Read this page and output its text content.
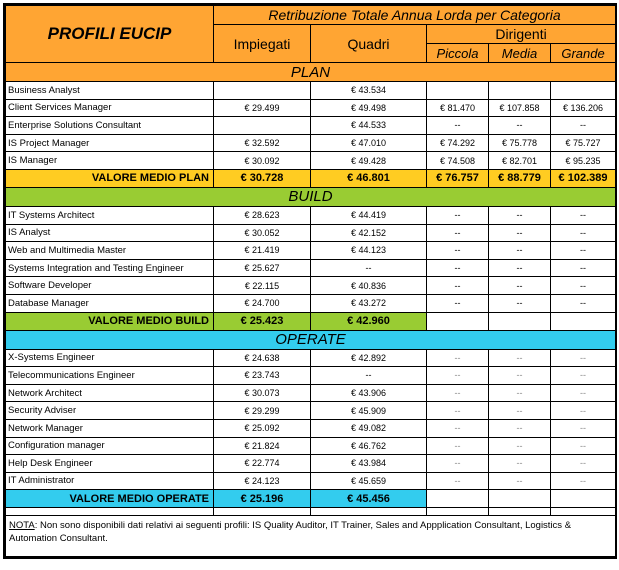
PROFILI EUCIP	Retribuzione Totale Annua Lorda per Categoria				
	Impiegati	Quadri	Dirigenti		
			Piccola	Media	Grande
PLAN					
Business Analyst		€ 43.534			
Client Services Manager	€ 29.499	€ 49.498	€ 81.470	€ 107.858	€ 136.206
Enterprise Solutions Consultant		€ 44.533	--	--	--
IS Project Manager	€ 32.592	€ 47.010	€ 74.292	€ 75.778	€ 75.727
IS Manager	€ 30.092	€ 49.428	€ 74.508	€ 82.701	€ 95.235
VALORE MEDIO PLAN	€ 30.728	€ 46.801	€ 76.757	€ 88.779	€ 102.389
BUILD					
IT Systems Architect	€ 28.623	€ 44.419	--	--	--
IS Analyst	€ 30.052	€ 42.152	--	--	--
Web and Multimedia Master	€ 21.419	€ 44.123	--	--	--
Systems Integration and Testing Engineer	€ 25.627	--	--	--	--
Software Developer	€ 22.115	€ 40.836	--	--	--
Database Manager	€ 24.700	€ 43.272	--	--	--
VALORE MEDIO BUILD	€ 25.423	€ 42.960			
OPERATE					
X-Systems Engineer	€ 24.638	€ 42.892	--	--	--
Telecommunications Engineer	€ 23.743	--	--	--	--
Network Architect	€ 30.073	€ 43.906	--	--	--
Security Adviser	€ 29.299	€ 45.909	--	--	--
Network Manager	€ 25.092	€ 49.082	--	--	--
Configuration manager	€ 21.824	€ 46.762	--	--	--
Help Desk Engineer	€ 22.774	€ 43.984	--	--	--
IT Administrator	€ 24.123	€ 45.659	--	--	--
VALORE MEDIO OPERATE	€ 25.196	€ 45.456			

NOTA: Non sono disponibili dati relativi ai seguenti profili: IS Quality Auditor, IT Trainer, Sales and Appplication Consultant, Logistics & Automation Consultant.					
